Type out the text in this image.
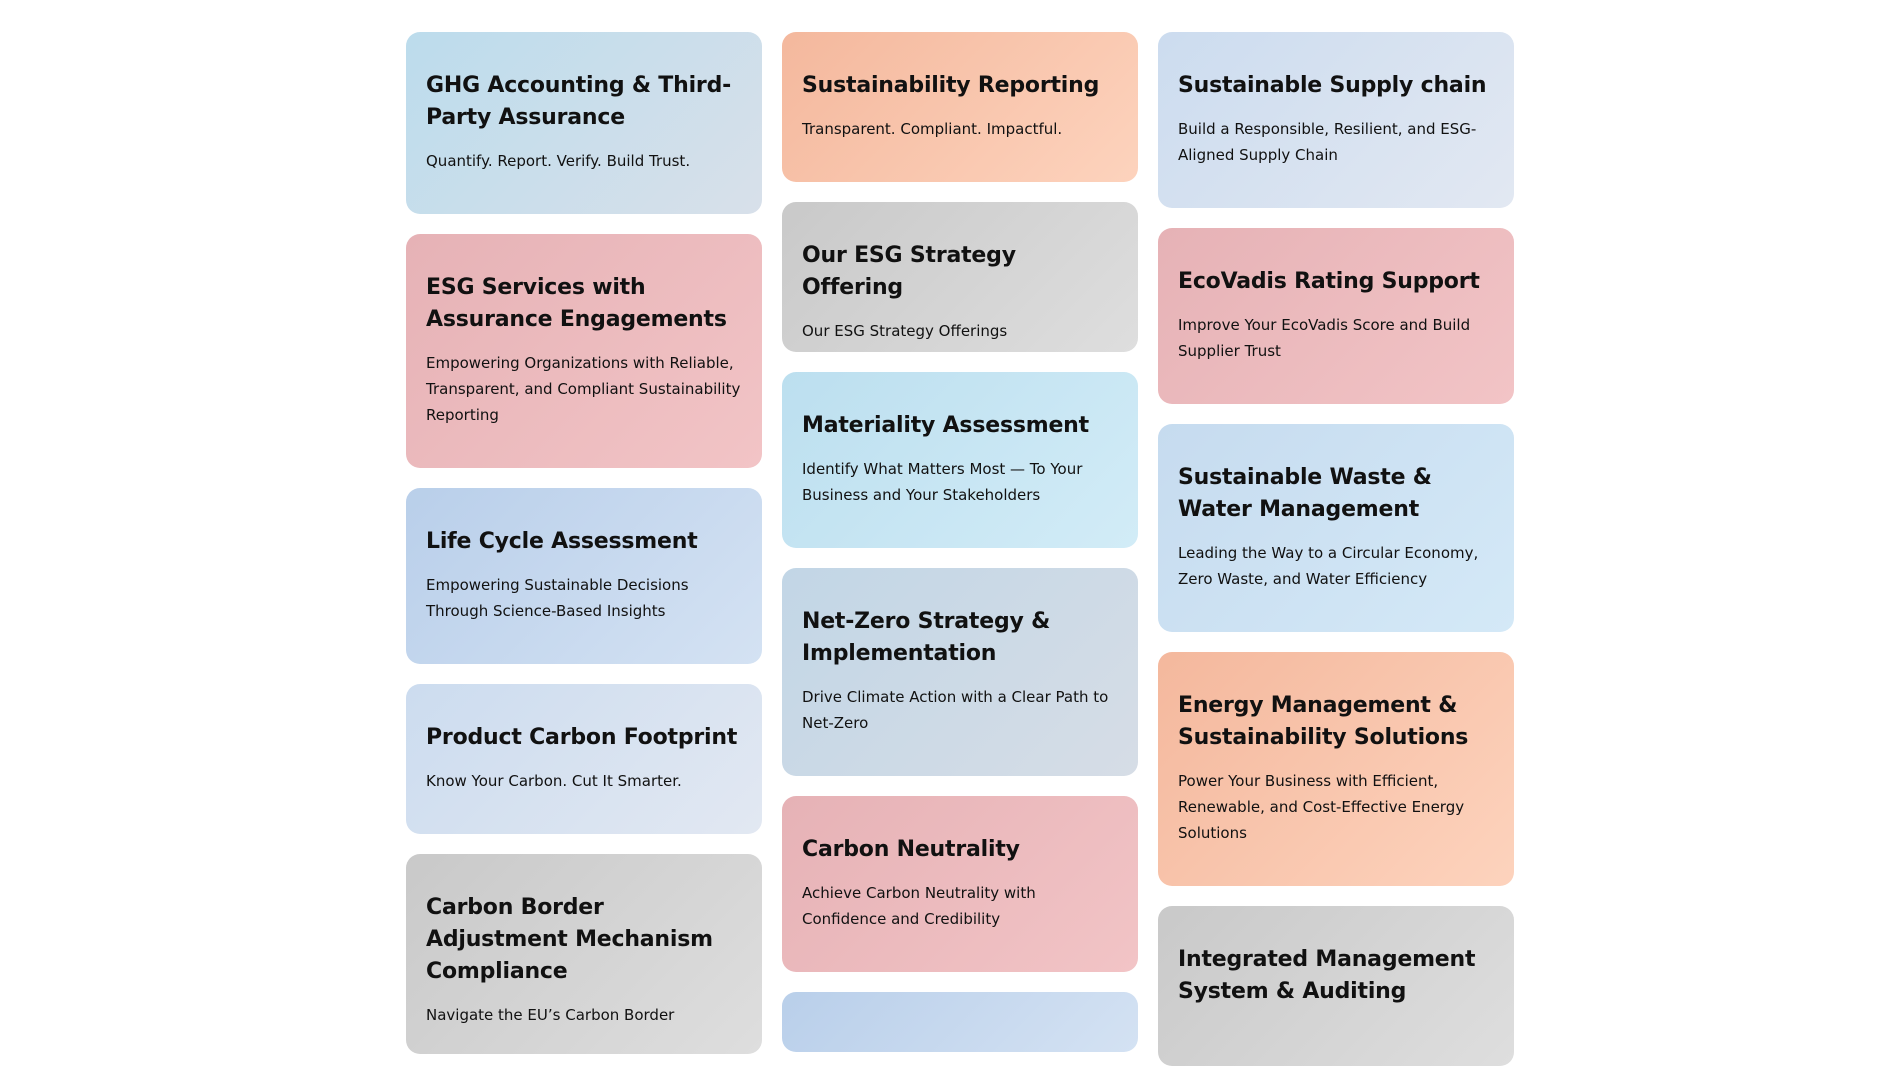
GHG Accounting & Third-Party Assurance

Quantify. Report. Verify. Build Trust.

ESG Services with Assurance Engagements

Empowering Organizations with Reliable, Transparent, and Compliant Sustainability Reporting

Life Cycle Assessment

Empowering Sustainable Decisions Through Science-Based Insights

Product Carbon Footprint

Know Your Carbon. Cut It Smarter.

Carbon Border Adjustment Mechanism Compliance

Navigate the EU’s Carbon Border

Sustainability Reporting

Transparent. Compliant. Impactful.

Our ESG Strategy Offering

Our ESG Strategy Offerings

Materiality Assessment

Identify What Matters Most — To Your Business and Your Stakeholders

Net-Zero Strategy & Implementation

Drive Climate Action with a Clear Path to Net-Zero

Carbon Neutrality

Achieve Carbon Neutrality with Confidence and Credibility

Sustainable Supply chain

Build a Responsible, Resilient, and ESG-Aligned Supply Chain

EcoVadis Rating Support

Improve Your EcoVadis Score and Build Supplier Trust

Sustainable Waste & Water Management

Leading the Way to a Circular Economy, Zero Waste, and Water Efficiency

Energy Management & Sustainability Solutions

Power Your Business with Efficient, Renewable, and Cost-Effective Energy Solutions

Integrated Management System & Auditing
